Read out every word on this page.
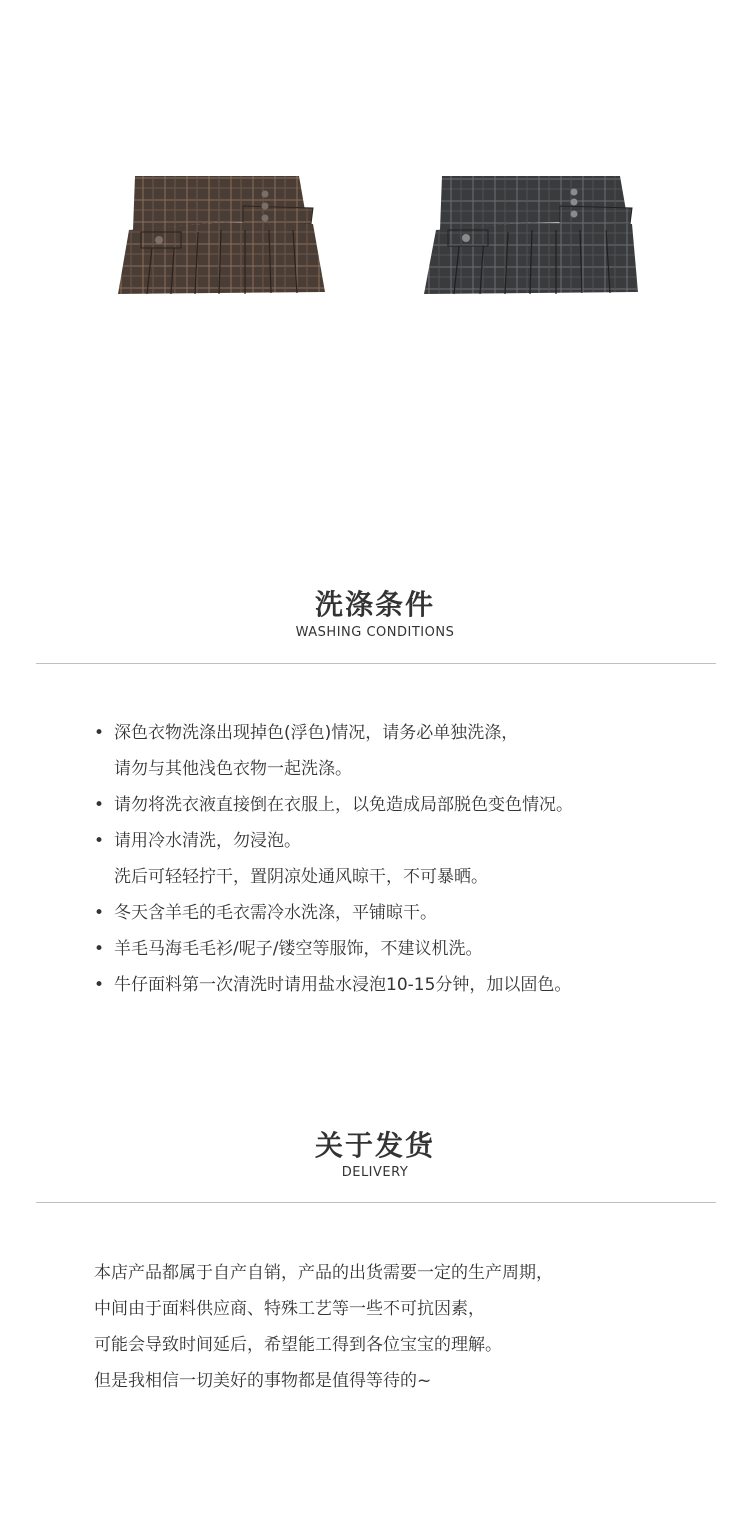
洗涤条件
WASHING CONDITIONS
• 深色衣物洗涤出现掉色(浮色)情况，请务必单独洗涤，
请勿与其他浅色衣物一起洗涤。
• 请勿将洗衣液直接倒在衣服上，以免造成局部脱色变色情况。
• 请用冷水清洗，勿浸泡。
洗后可轻轻拧干，置阴凉处通风晾干，不可暴晒。
• 冬天含羊毛的毛衣需冷水洗涤，平铺晾干。
• 羊毛马海毛毛衫/呢子/镂空等服饰，不建议机洗。
• 牛仔面料第一次清洗时请用盐水浸泡10-15分钟，加以固色。
关于发货
DELIVERY
本店产品都属于自产自销，产品的出货需要一定的生产周期，
中间由于面料供应商、特殊工艺等一些不可抗因素，
可能会导致时间延后，希望能工得到各位宝宝的理解。
但是我相信一切美好的事物都是值得等待的~
